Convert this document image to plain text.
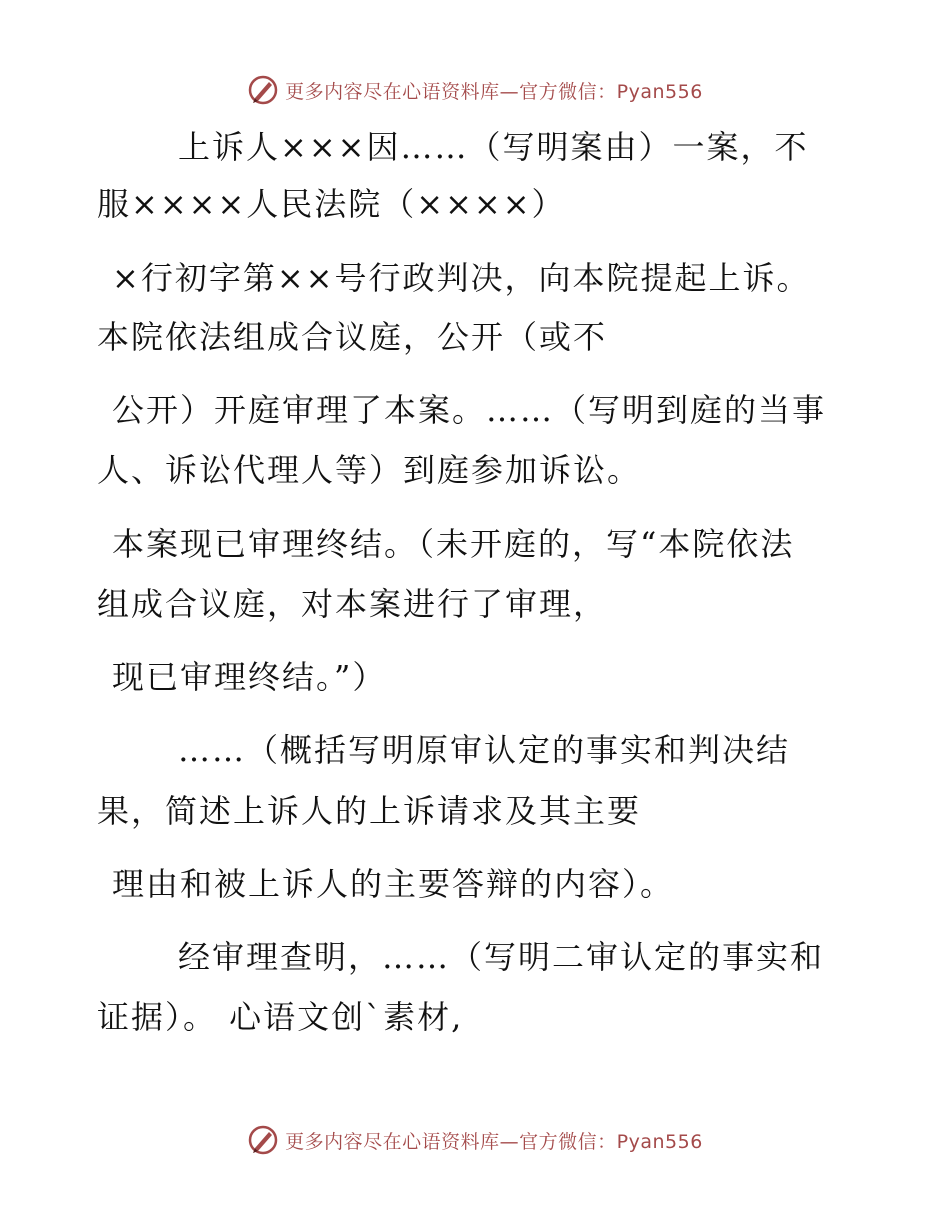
更多内容尽在心语资料库—官方微信：Pyan556
上诉人×××因……（写明案由）一案，不
服××××人民法院（××××）
×行初字第××号行政判决，向本院提起上诉。
本院依法组成合议庭，公开（或不
公开）开庭审理了本案。……（写明到庭的当事
人、诉讼代理人等）到庭参加诉讼。
本案现已审理终结。（未开庭的，写“本院依法
组成合议庭，对本案进行了审理，
现已审理终结。”）
……（概括写明原审认定的事实和判决结
果，简述上诉人的上诉请求及其主要
理由和被上诉人的主要答辩的内容）。
经审理查明，……（写明二审认定的事实和
证据）。 心语文创`素材,
更多内容尽在心语资料库—官方微信：Pyan556
